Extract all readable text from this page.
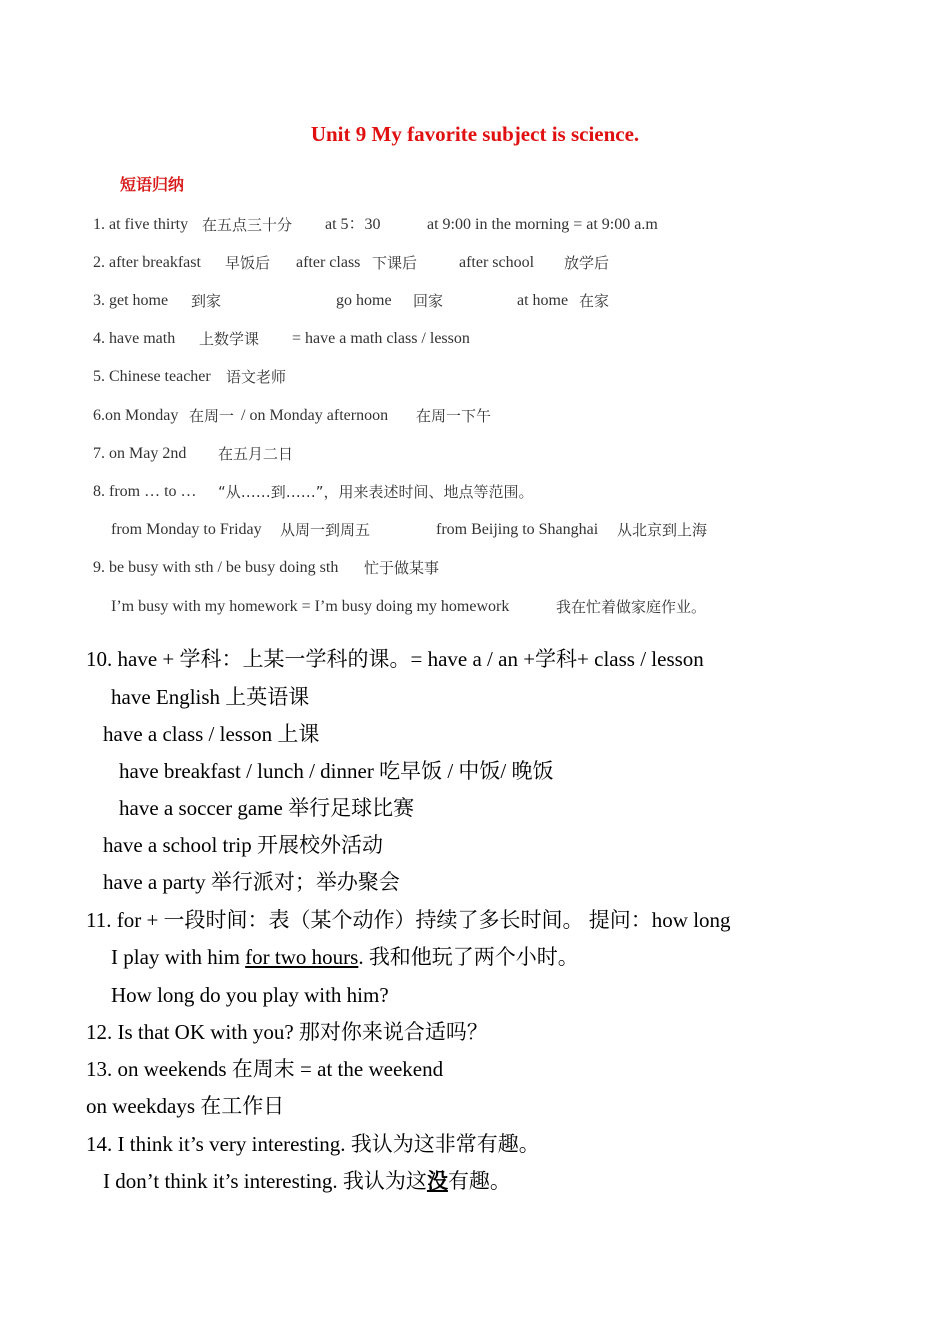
Unit 9 My favorite subject is science.
短语归纳
1. at five thirty 在五点三十分 at 5：30	at 9:00 in the morning = at 9:00 a.m
2. after breakfast 早饭后 after class 下课后	after school 放学后
3. get home 到家	go home 回家	at home 在家
4. have math 上数学课 = have a math class / lesson
5. Chinese teacher 语文老师
6.on Monday 在周一 / on Monday afternoon 在周一下午
7. on May 2nd 在五月二日
8. from … to … “从……到……”，用来表述时间、地点等范围。
from Monday to Friday 从周一到周五	from Beijing to Shanghai 从北京到上海
9. be busy with sth / be busy doing sth 忙于做某事
I’m busy with my homework = I’m busy doing my homework	我在忙着做家庭作业。
10. have + 学科：上某一学科的课。= have a / an +学科+ class / lesson
have English 上英语课
have a class / lesson 上课
have breakfast / lunch / dinner 吃早饭 / 中饭/ 晚饭
have a soccer game 举行足球比赛
have a school trip 开展校外活动
have a party 举行派对；举办聚会
11. for + 一段时间：表（某个动作）持续了多长时间。 提问：how long
I play with him for two hours. 我和他玩了两个小时。
How long do you play with him?
12. Is that OK with you? 那对你来说合适吗？
13. on weekends 在周末 = at the weekend
on weekdays 在工作日
14. I think it’s very interesting. 我认为这非常有趣。
I don’t think it’s interesting. 我认为这没有趣。
